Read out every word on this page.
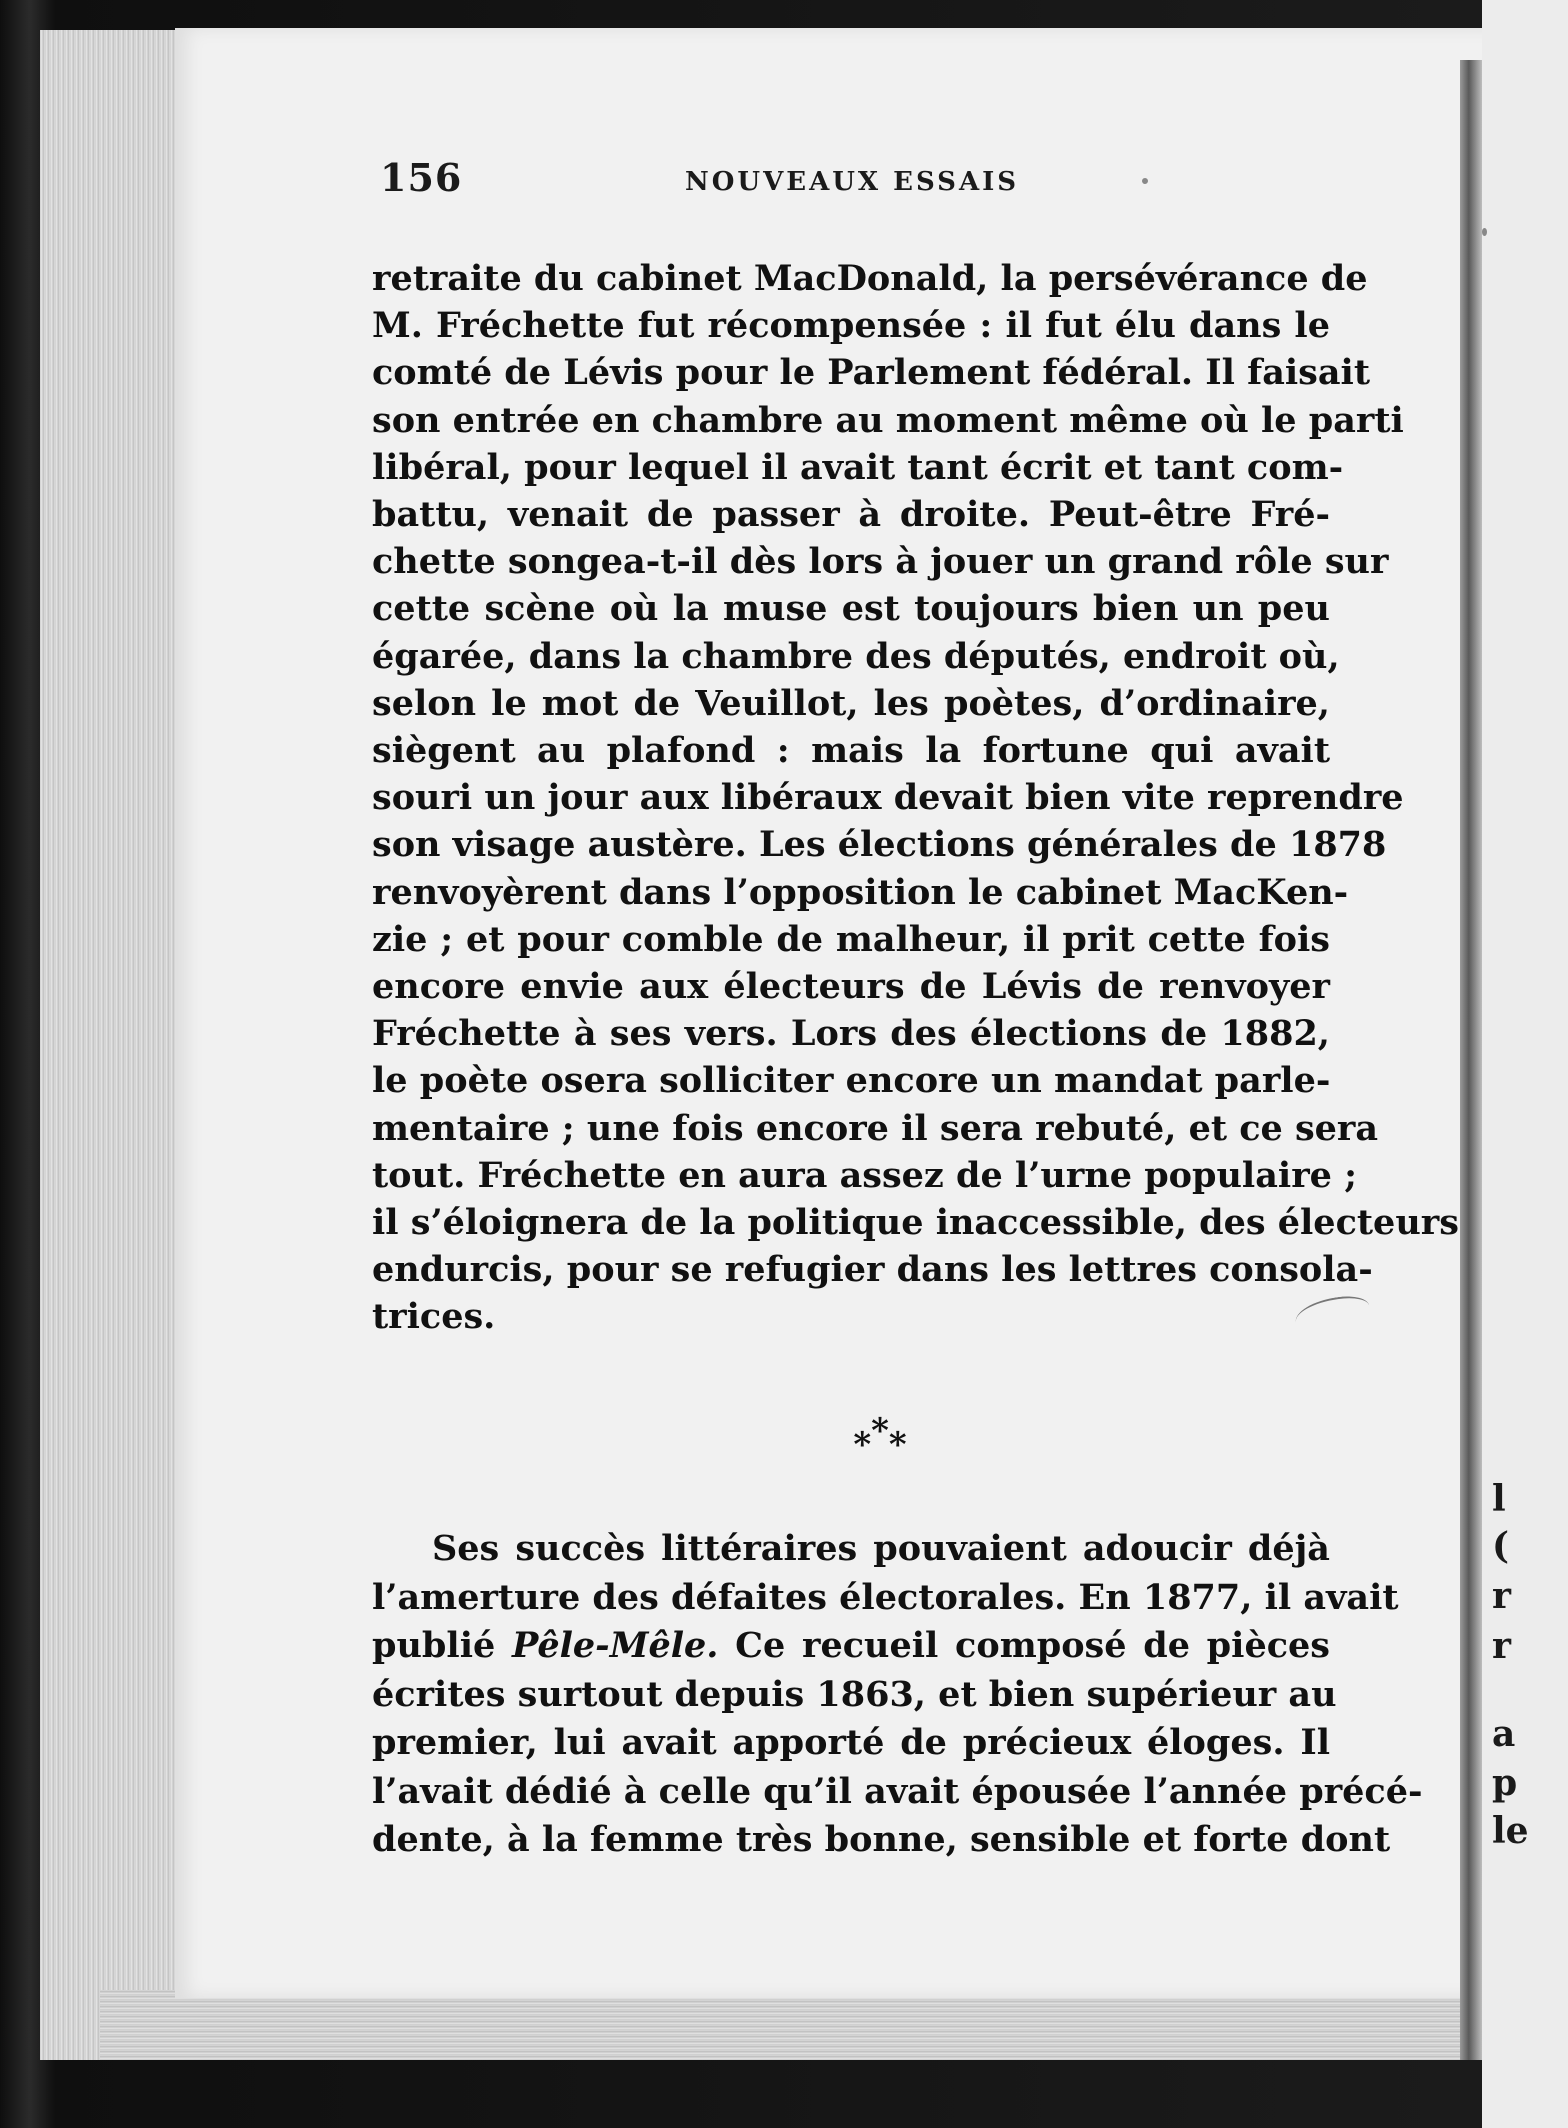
l
(
r
r
a
p
le
156	NOUVEAUX ESSAIS
retraite du cabinet MacDonald, la persévérance de
M. Fréchette fut récompensée : il fut élu dans le
comté de Lévis pour le Parlement fédéral. Il faisait
son entrée en chambre au moment même où le parti
libéral, pour lequel il avait tant écrit et tant com-
battu, venait de passer à droite. Peut-être Fré-
chette songea-t-il dès lors à jouer un grand rôle sur
cette scène où la muse est toujours bien un peu
égarée, dans la chambre des députés, endroit où,
selon le mot de Veuillot, les poètes, d’ordinaire,
siègent au plafond : mais la fortune qui avait
souri un jour aux libéraux devait bien vite reprendre
son visage austère. Les élections générales de 1878
renvoyèrent dans l’opposition le cabinet MacKen-
zie ; et pour comble de malheur, il prit cette fois
encore envie aux électeurs de Lévis de renvoyer
Fréchette à ses vers. Lors des élections de 1882,
le poète osera solliciter encore un mandat parle-
mentaire ; une fois encore il sera rebuté, et ce sera
tout. Fréchette en aura assez de l’urne populaire ;
il s’éloignera de la politique inaccessible, des électeurs
endurcis, pour se refugier dans les lettres consola-
trices.
***
Ses succès littéraires pouvaient adoucir déjà
l’amerture des défaites électorales. En 1877, il avait
publié Pêle-Mêle. Ce recueil composé de pièces
écrites surtout depuis 1863, et bien supérieur au
premier, lui avait apporté de précieux éloges. Il
l’avait dédié à celle qu’il avait épousée l’année précé-
dente, à la femme très bonne, sensible et forte dont
